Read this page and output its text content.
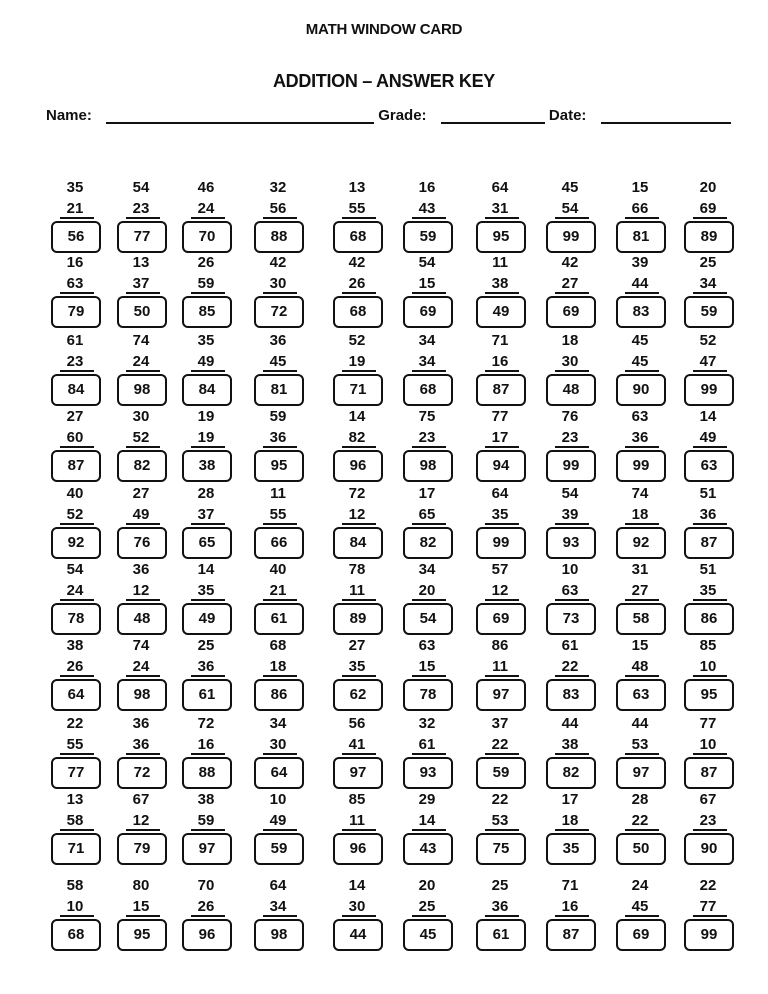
MATH WINDOW CARD
ADDITION – ANSWER KEY
Name:	Grade:	Date:
35
21
56
54
23
77
46
24
70
32
56
88
13
55
68
16
43
59
64
31
95
45
54
99
15
66
81
20
69
89
16
63
79
13
37
50
26
59
85
42
30
72
42
26
68
54
15
69
11
38
49
42
27
69
39
44
83
25
34
59
61
23
84
74
24
98
35
49
84
36
45
81
52
19
71
34
34
68
71
16
87
18
30
48
45
45
90
52
47
99
27
60
87
30
52
82
19
19
38
59
36
95
14
82
96
75
23
98
77
17
94
76
23
99
63
36
99
14
49
63
40
52
92
27
49
76
28
37
65
11
55
66
72
12
84
17
65
82
64
35
99
54
39
93
74
18
92
51
36
87
54
24
78
36
12
48
14
35
49
40
21
61
78
11
89
34
20
54
57
12
69
10
63
73
31
27
58
51
35
86
38
26
64
74
24
98
25
36
61
68
18
86
27
35
62
63
15
78
86
11
97
61
22
83
15
48
63
85
10
95
22
55
77
36
36
72
72
16
88
34
30
64
56
41
97
32
61
93
37
22
59
44
38
82
44
53
97
77
10
87
13
58
71
67
12
79
38
59
97
10
49
59
85
11
96
29
14
43
22
53
75
17
18
35
28
22
50
67
23
90
58
10
68
80
15
95
70
26
96
64
34
98
14
30
44
20
25
45
25
36
61
71
16
87
24
45
69
22
77
99
